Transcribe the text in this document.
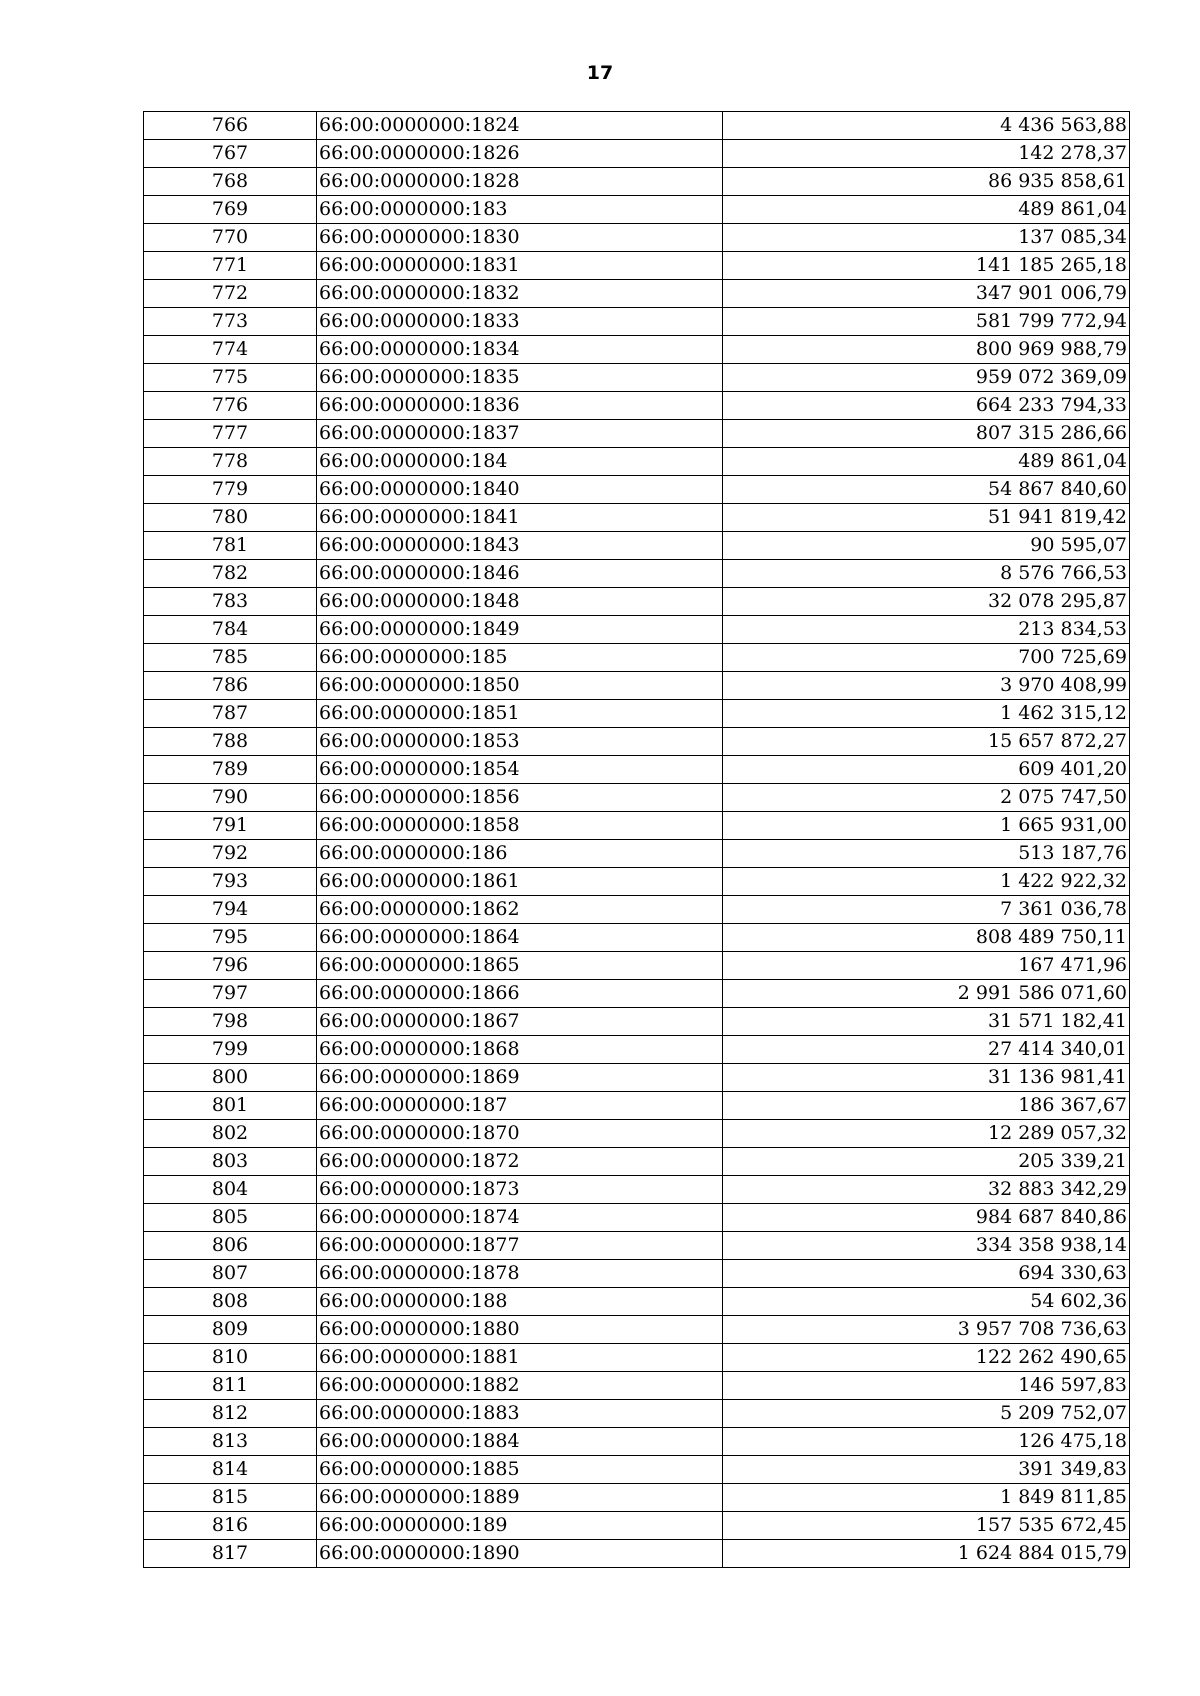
17
766	66:00:0000000:1824	4 436 563,88
767	66:00:0000000:1826	142 278,37
768	66:00:0000000:1828	86 935 858,61
769	66:00:0000000:183	489 861,04
770	66:00:0000000:1830	137 085,34
771	66:00:0000000:1831	141 185 265,18
772	66:00:0000000:1832	347 901 006,79
773	66:00:0000000:1833	581 799 772,94
774	66:00:0000000:1834	800 969 988,79
775	66:00:0000000:1835	959 072 369,09
776	66:00:0000000:1836	664 233 794,33
777	66:00:0000000:1837	807 315 286,66
778	66:00:0000000:184	489 861,04
779	66:00:0000000:1840	54 867 840,60
780	66:00:0000000:1841	51 941 819,42
781	66:00:0000000:1843	90 595,07
782	66:00:0000000:1846	8 576 766,53
783	66:00:0000000:1848	32 078 295,87
784	66:00:0000000:1849	213 834,53
785	66:00:0000000:185	700 725,69
786	66:00:0000000:1850	3 970 408,99
787	66:00:0000000:1851	1 462 315,12
788	66:00:0000000:1853	15 657 872,27
789	66:00:0000000:1854	609 401,20
790	66:00:0000000:1856	2 075 747,50
791	66:00:0000000:1858	1 665 931,00
792	66:00:0000000:186	513 187,76
793	66:00:0000000:1861	1 422 922,32
794	66:00:0000000:1862	7 361 036,78
795	66:00:0000000:1864	808 489 750,11
796	66:00:0000000:1865	167 471,96
797	66:00:0000000:1866	2 991 586 071,60
798	66:00:0000000:1867	31 571 182,41
799	66:00:0000000:1868	27 414 340,01
800	66:00:0000000:1869	31 136 981,41
801	66:00:0000000:187	186 367,67
802	66:00:0000000:1870	12 289 057,32
803	66:00:0000000:1872	205 339,21
804	66:00:0000000:1873	32 883 342,29
805	66:00:0000000:1874	984 687 840,86
806	66:00:0000000:1877	334 358 938,14
807	66:00:0000000:1878	694 330,63
808	66:00:0000000:188	54 602,36
809	66:00:0000000:1880	3 957 708 736,63
810	66:00:0000000:1881	122 262 490,65
811	66:00:0000000:1882	146 597,83
812	66:00:0000000:1883	5 209 752,07
813	66:00:0000000:1884	126 475,18
814	66:00:0000000:1885	391 349,83
815	66:00:0000000:1889	1 849 811,85
816	66:00:0000000:189	157 535 672,45
817	66:00:0000000:1890	1 624 884 015,79
